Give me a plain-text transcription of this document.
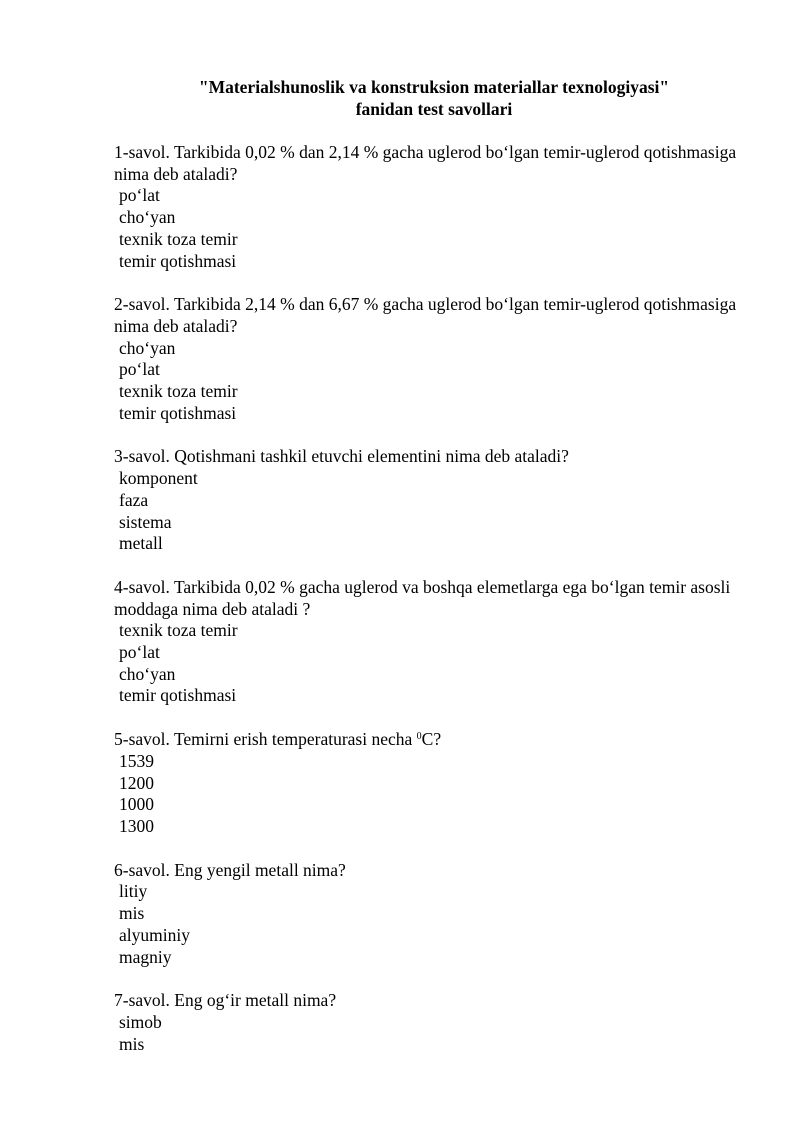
"Materialshunoslik va konstruksion materiallar texnologiyasi"
fanidan test savollari
1-savol. Tarkibida 0,02 % dan 2,14 % gacha uglerod bo‘lgan temir-uglerod qotishmasiga nima deb ataladi?
po‘lat
cho‘yan
texnik toza temir
temir qotishmasi
2-savol. Tarkibida 2,14 % dan 6,67 % gacha uglerod bo‘lgan temir-uglerod qotishmasiga nima deb ataladi?
cho‘yan
po‘lat
texnik toza temir
temir qotishmasi
3-savol. Qotishmani tashkil etuvchi elementini nima deb ataladi?
komponent
faza
sistema
metall
4-savol. Tarkibida 0,02 % gacha uglerod va boshqa elemetlarga ega bo‘lgan temir asosli moddaga nima deb ataladi ?
texnik toza temir
po‘lat
cho‘yan
temir qotishmasi
5-savol. Temirni erish temperaturasi necha $^0$C?
1539
1200
1000
1300
6-savol. Eng yengil metall nima?
litiy
mis
alyuminiy
magniy
7-savol. Eng og‘ir metall nima?
simob
mis
